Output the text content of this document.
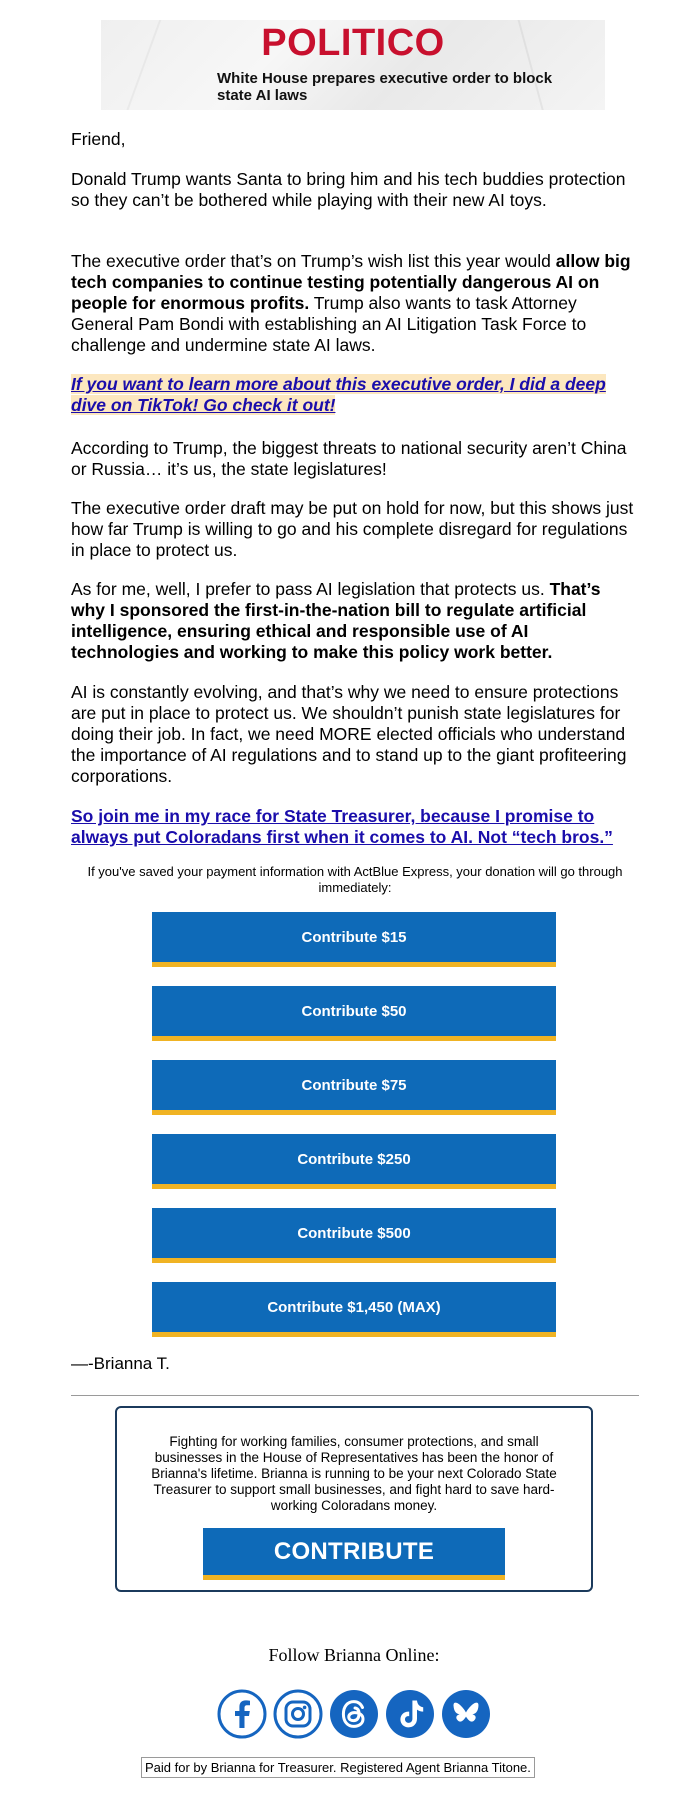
POLITICO
White House prepares executive order to block state AI laws

Friend,

Donald Trump wants Santa to bring him and his tech buddies protection so they can’t be bothered while playing with their new AI toys.

The executive order that’s on Trump’s wish list this year would allow big tech companies to continue testing potentially dangerous AI on people for enormous profits. Trump also wants to task Attorney General Pam Bondi with establishing an AI Litigation Task Force to challenge and undermine state AI laws.

If you want to learn more about this executive order, I did a deep dive on TikTok! Go check it out!

According to Trump, the biggest threats to national security aren’t China or Russia… it’s us, the state legislatures!

The executive order draft may be put on hold for now, but this shows just how far Trump is willing to go and his complete disregard for regulations in place to protect us.

As for me, well, I prefer to pass AI legislation that protects us. That’s why I sponsored the first-in-the-nation bill to regulate artificial intelligence, ensuring ethical and responsible use of AI technologies and working to make this policy work better.

AI is constantly evolving, and that’s why we need to ensure protections are put in place to protect us. We shouldn’t punish state legislatures for doing their job. In fact, we need MORE elected officials who understand the importance of AI regulations and to stand up to the giant profiteering corporations.

So join me in my race for State Treasurer, because I promise to always put Coloradans first when it comes to AI. Not “tech bros.”

If you've saved your payment information with ActBlue Express, your donation will go through immediately:
Contribute $15
Contribute $50
Contribute $75
Contribute $250
Contribute $500
Contribute $1,450 (MAX)
—-Brianna T.
Fighting for working families, consumer protections, and small businesses in the House of Representatives has been the honor of Brianna's lifetime. Brianna is running to be your next Colorado State Treasurer to support small businesses, and fight hard to save hard-working Coloradans money.
CONTRIBUTE
Follow Brianna Online:
Paid for by Brianna for Treasurer. Registered Agent Brianna Titone.
